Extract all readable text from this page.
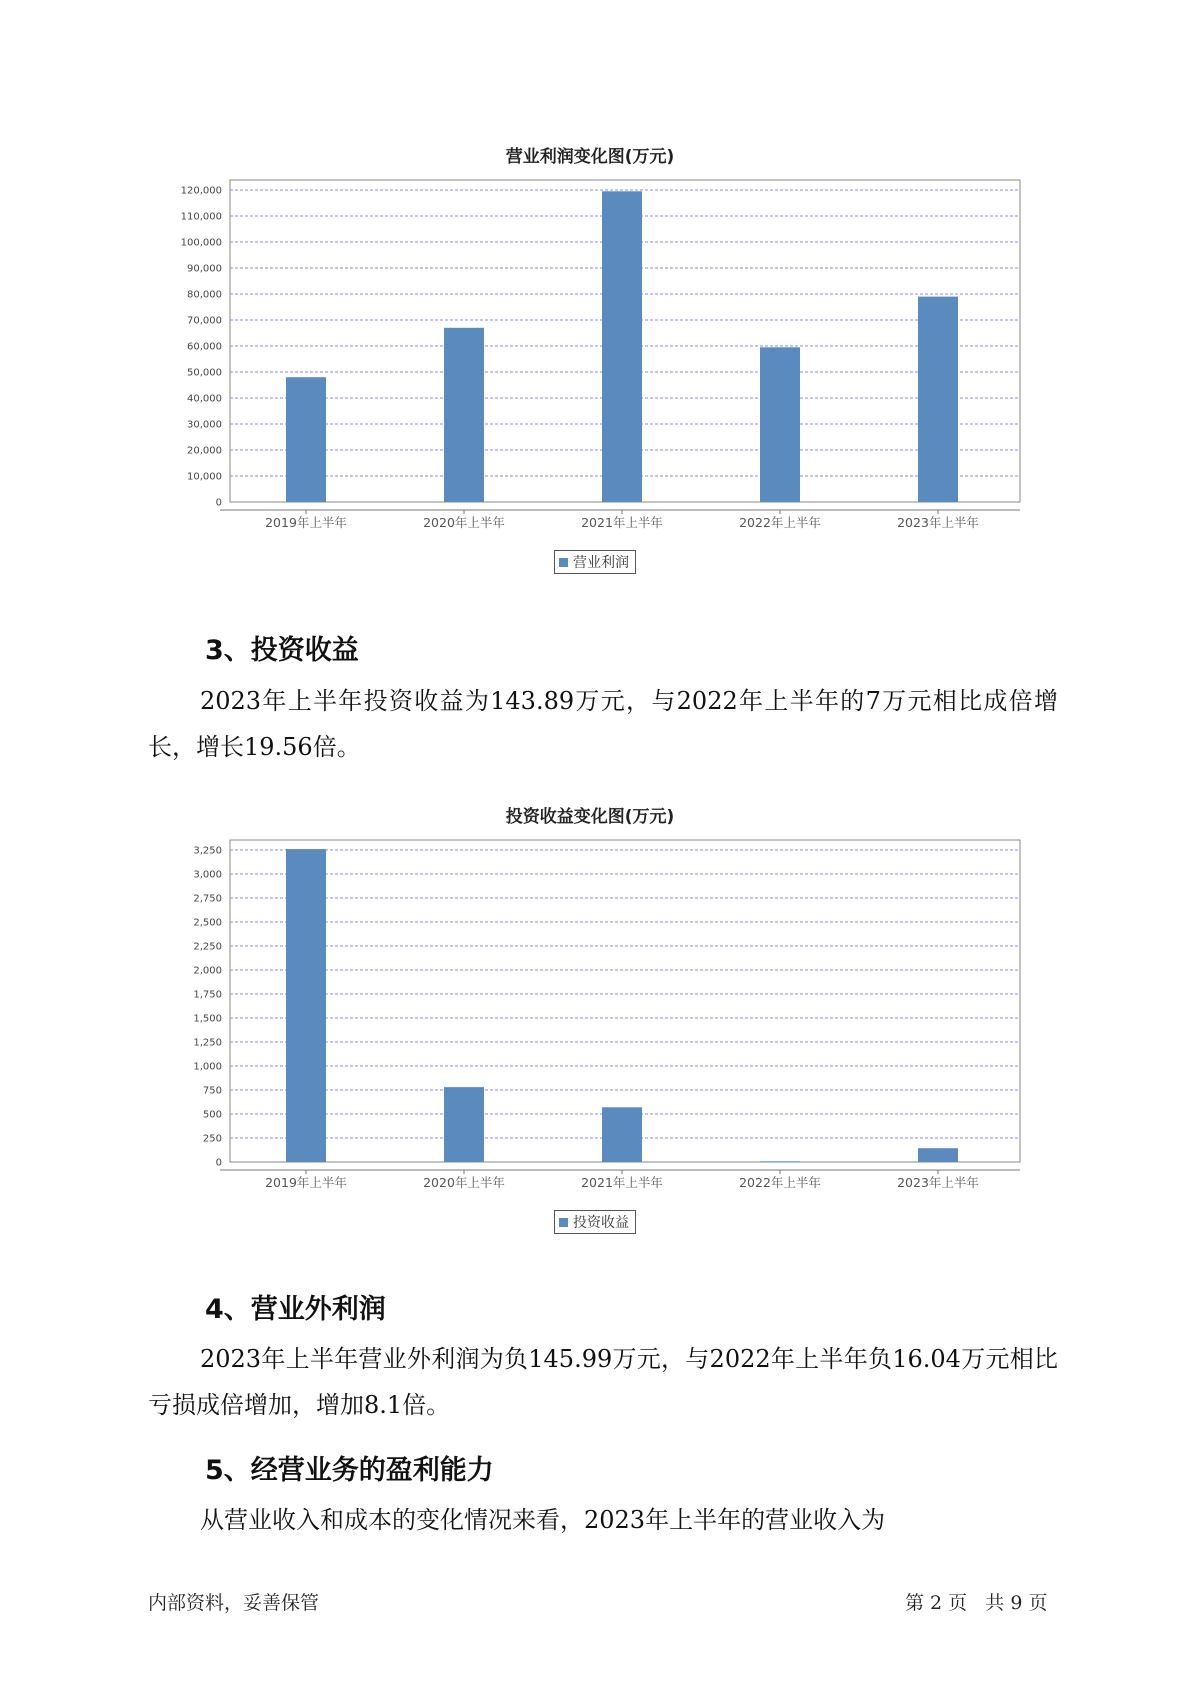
营业利润变化图(万元)
0
10,000
20,000
30,000
40,000
50,000
60,000
70,000
80,000
90,000
100,000
110,000
120,000
2019年上半年	2020年上半年	2021年上半年	2022年上半年	2023年上半年
营业利润
3、投资收益

2023年上半年投资收益为143.89万元，与2022年上半年的7万元相比成倍增长，增长19.56倍。

投资收益变化图(万元)
0
250
500
750
1,000
1,250
1,500
1,750
2,000
2,250
2,500
2,750
3,000
3,250
2019年上半年	2020年上半年	2021年上半年	2022年上半年	2023年上半年
投资收益
4、营业外利润

2023年上半年营业外利润为负145.99万元，与2022年上半年负16.04万元相比亏损成倍增加，增加8.1倍。

5、经营业务的盈利能力

从营业收入和成本的变化情况来看，2023年上半年的营业收入为

内部资料，妥善保管	第 2 页   共 9 页
